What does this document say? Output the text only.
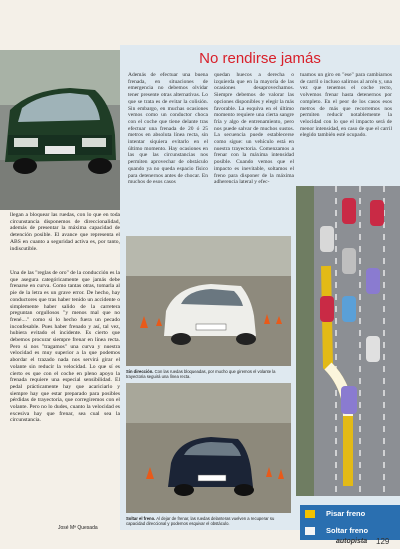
No rendirse jamás
Además de efectuar una buena frenada, en situaciones de emergencia no debemos olvidar tener presente otras alternativas. Lo que se trata es de evitar la colisión. Sin embargo, en muchas ocasiones vemos como un conductor choca con el coche que tiene delante tras efectuar una frenada de 20 ó 25 metros en absoluta línea recta, sin intentar siquiera evitarlo en el último momento. Hay ocasiones en las que las circunstancias nos permiten aprovechar de obstáculo quando ya no queda espacio físico para detenernos antes de chocar. En muchos de esos casos
quedan huecos a derecha o izquierda que en la mayoría de las ocasiones desaprovechamos. Siempre debemos de valorar las opciones disponibles y elegir la más favorable. La esquiva en el último momento requiere una cierta sangre fría y algo de entrenamiento, pero nos puede salvar de muchos sustos. La secuencia puede establecerse como sigue: un vehículo está en nuestra trayectoria. Comenzamos a frenar con la máxima intensidad posible. Cuando vemos que el impacto es inevitable, soltamos el freno para disponer de la máxima adherencia lateral y efec-
tuamos un giro en "ese" para cambiarnos de carril o incluso salirnos al arcén y, una vez que tenemos el coche recto, volvemos frenar hasta detenernos por completo. En el peor de los casos esos metros de más que recorremos nos permiten reducir notablemente la velocidad con lo que el impacto será de menor intensidad, en caso de que el carril elegido también esté ocupado.
Sin dirección. Con las ruedas bloqueadas, por mucho que giremos el volante la trayectoria seguirá una línea recta.
Soltar el freno. Al dejar de frenar, las ruedas delanteras vuelven a recuperar su capacidad direccional y podemos esquivar el obstáculo.
Pisar freno
Soltar freno
llegan a bloquear las ruedas, con lo que en toda circunstancia disponemos de direccionalidad, además de presentar la máxima capacidad de detención posible. El avance que representa el ABS en cuanto a seguridad activa es, por tanto, indiscutible.
Una de las "reglas de oro" de la conducción es la que asegura categóricamente que jamás debe frenarse en curva. Como tantas otras, tomarla al pie de la letra es un grave error. De hecho, hay conductores que tras haber tenido un accidente o simplemente haber salido de la carretera preguntan orgullosos "y menos mal que no frené...." como si lo hecho fuera un pecado inconfesable. Pues haber frenado y así, tal vez, hubiera evitado el incidente. Es cierto que debemos procurar siempre frenar en línea recta. Pero si nos "tragamos" una curva y nuestra velocidad es muy superior a la que podemos abordar el trazado nada nos servirá girar el volante sin reducir la velocidad. Lo que sí es cierto es que con el coche en pleno apoyo la frenada requiere una especial sensibilidad. El pedal prácticamente hay que acariciarlo y siempre hay que estar preparado para posibles pérdidas de trayectoria, que corregiremos con el volante. Pero no lo dudes, cuanto la velocidad es excesiva hay que frenar, sea cual sea la circunstancia.
José Mª Quesada
autopista 129
